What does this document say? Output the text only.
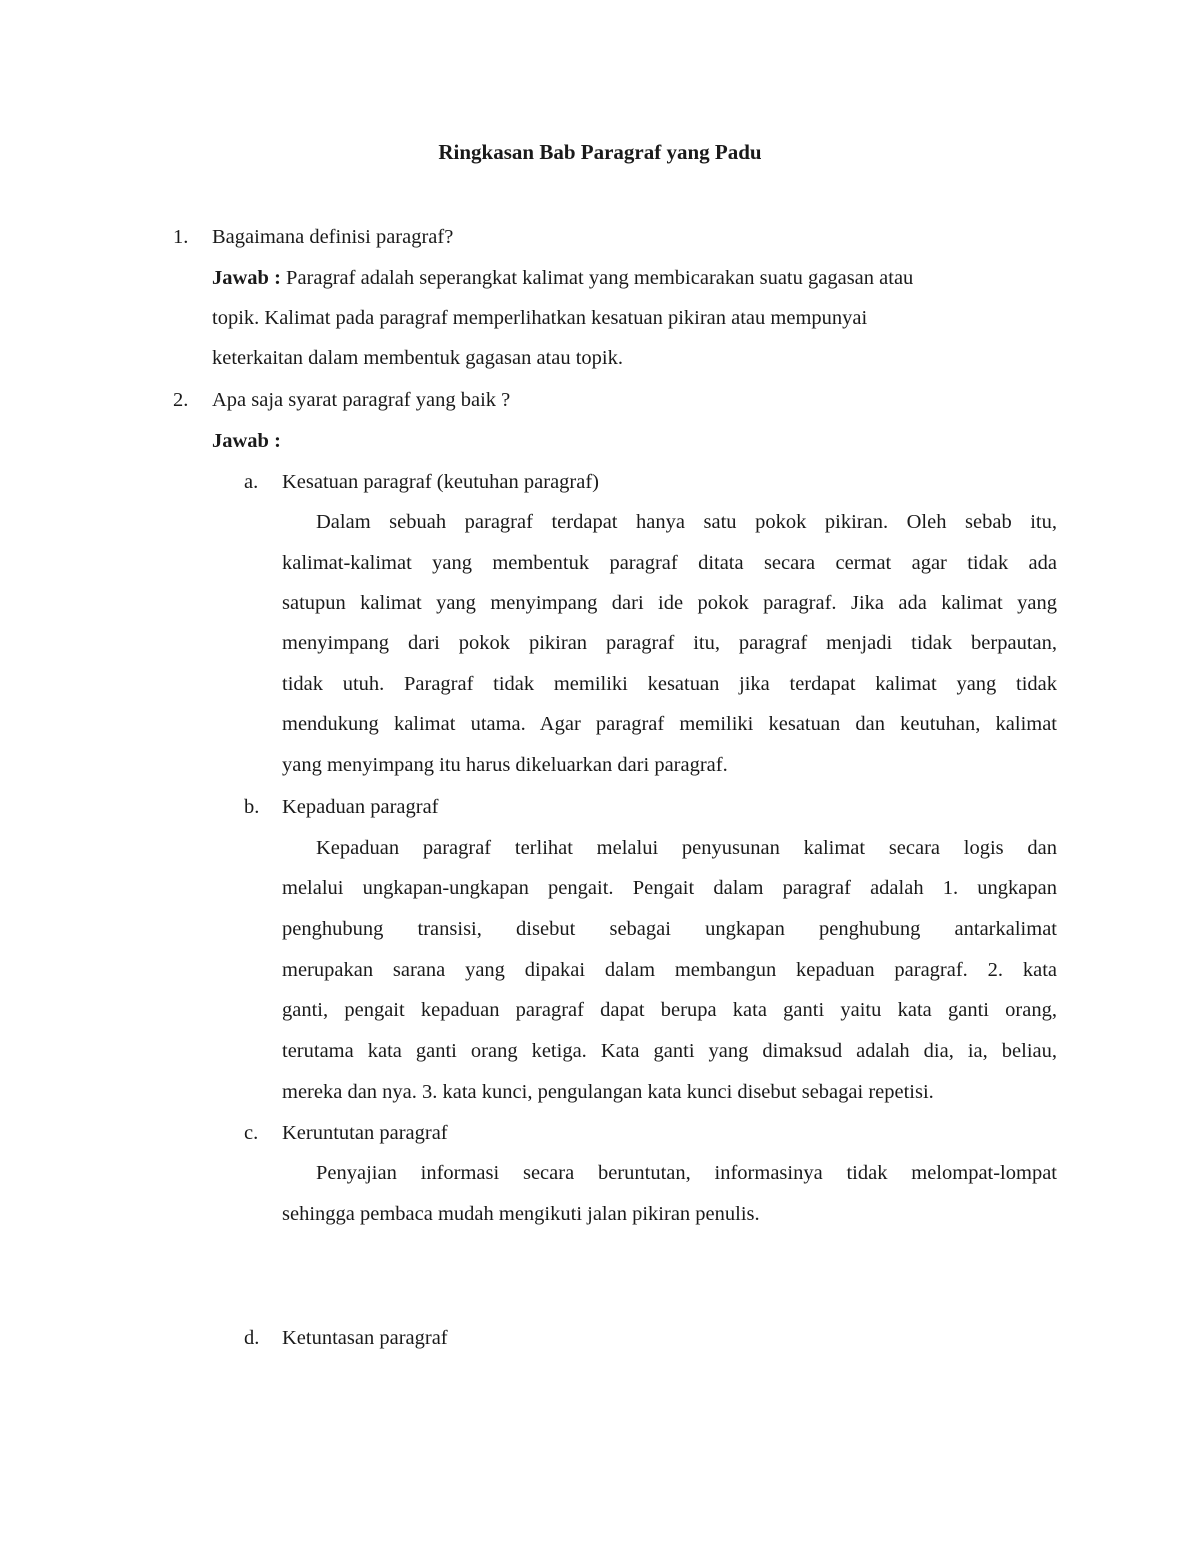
Ringkasan Bab Paragraf yang Padu
1. Bagaimana definisi paragraf?
Jawab : Paragraf adalah seperangkat kalimat yang membicarakan suatu gagasan atau
topik. Kalimat pada paragraf memperlihatkan kesatuan pikiran atau mempunyai
keterkaitan dalam membentuk gagasan atau topik.
2. Apa saja syarat paragraf yang baik ?
Jawab :
a. Kesatuan paragraf (keutuhan paragraf)
Dalam sebuah paragraf terdapat hanya satu pokok pikiran. Oleh sebab itu,
kalimat-kalimat yang membentuk paragraf ditata secara cermat agar tidak ada
satupun kalimat yang menyimpang dari ide pokok paragraf. Jika ada kalimat yang
menyimpang dari pokok pikiran paragraf itu, paragraf menjadi tidak berpautan,
tidak utuh. Paragraf tidak memiliki kesatuan jika terdapat kalimat yang tidak
mendukung kalimat utama. Agar paragraf memiliki kesatuan dan keutuhan, kalimat
yang menyimpang itu harus dikeluarkan dari paragraf.
b. Kepaduan paragraf
Kepaduan paragraf terlihat melalui penyusunan kalimat secara logis dan
melalui ungkapan-ungkapan pengait. Pengait dalam paragraf adalah 1. ungkapan
penghubung transisi, disebut sebagai ungkapan penghubung antarkalimat
merupakan sarana yang dipakai dalam membangun kepaduan paragraf. 2. kata
ganti, pengait kepaduan paragraf dapat berupa kata ganti yaitu kata ganti orang,
terutama kata ganti orang ketiga. Kata ganti yang dimaksud adalah dia, ia, beliau,
mereka dan nya. 3. kata kunci, pengulangan kata kunci disebut sebagai repetisi.
c. Keruntutan paragraf
Penyajian informasi secara beruntutan, informasinya tidak melompat-lompat
sehingga pembaca mudah mengikuti jalan pikiran penulis.
d. Ketuntasan paragraf
